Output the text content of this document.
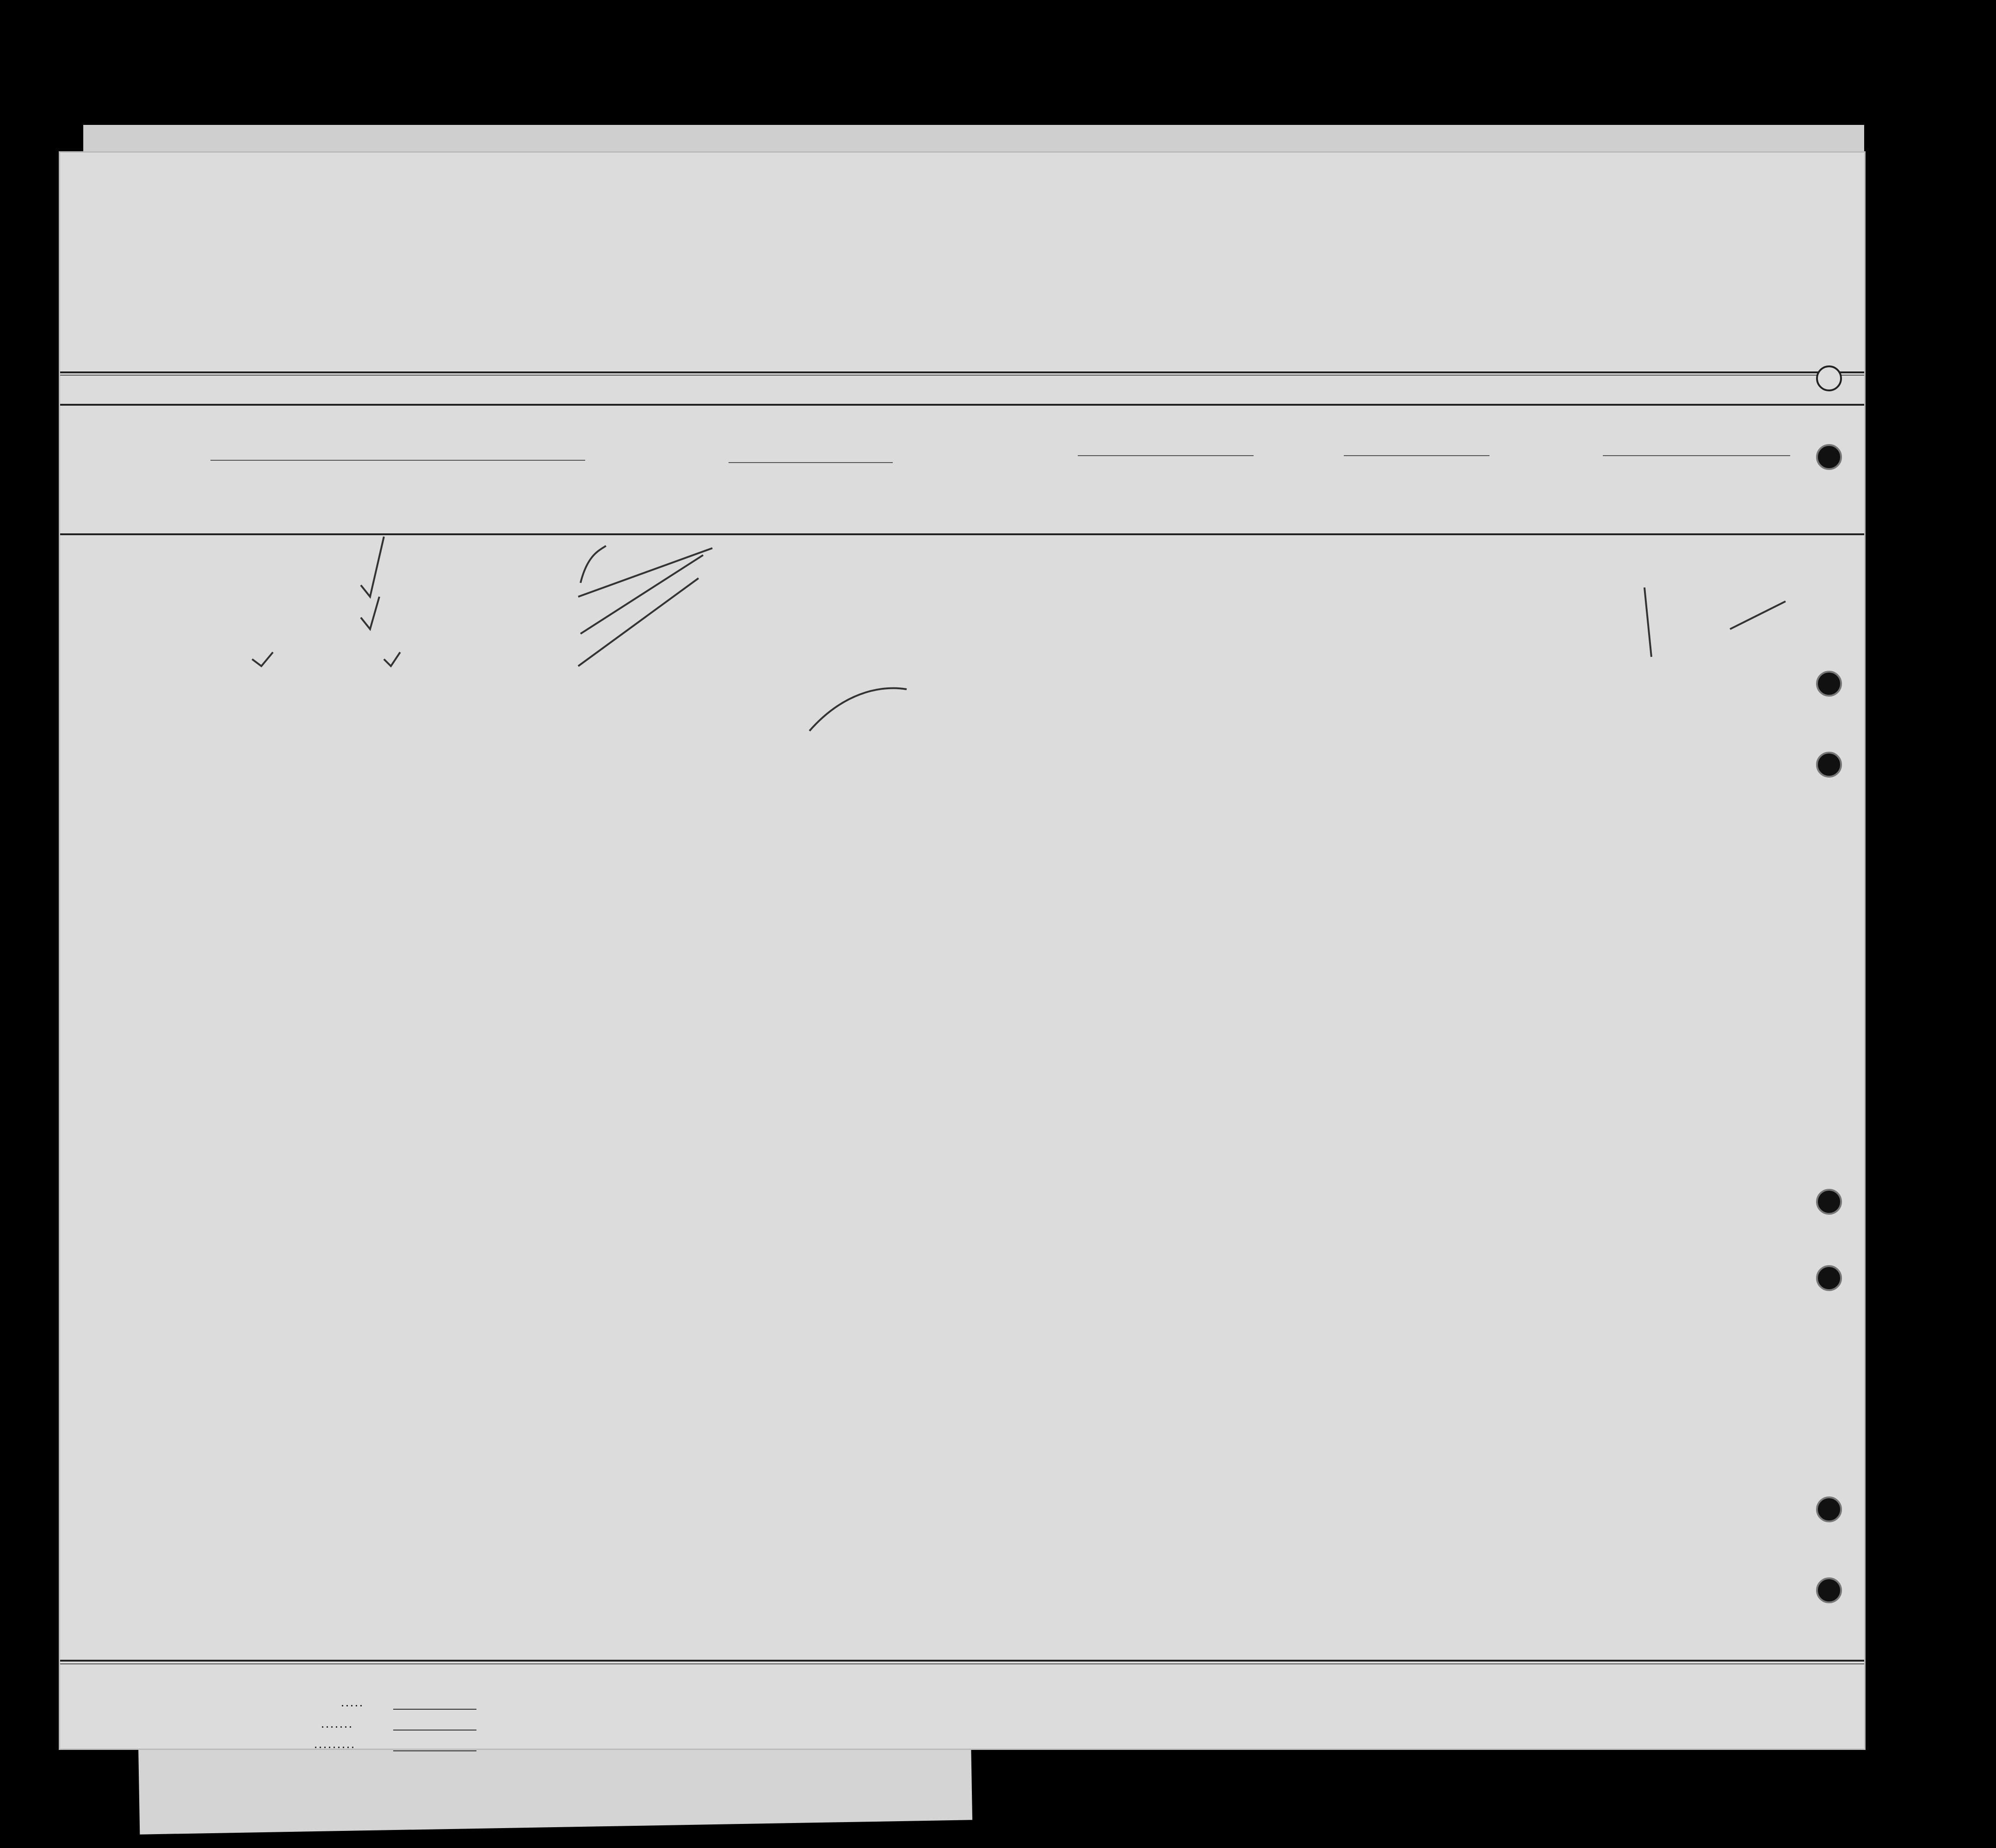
. . . . .
. . . . . . .
. . . . . . . . .
